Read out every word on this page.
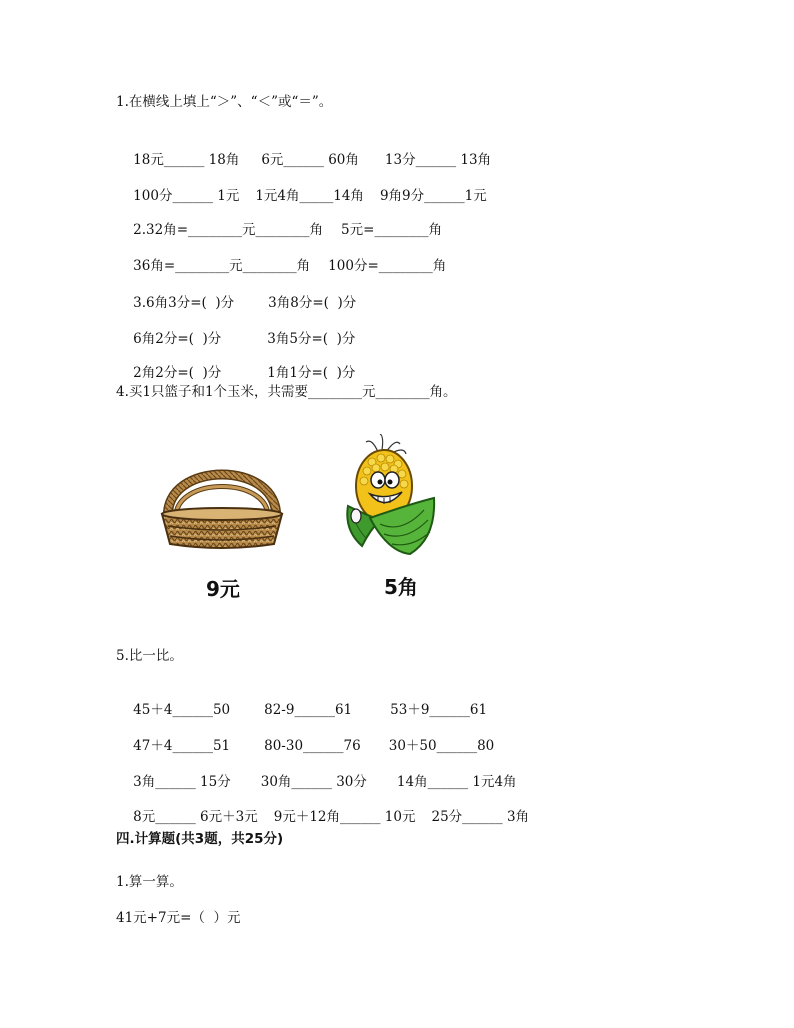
1.在横线上填上“＞”、“＜”或“＝”。

18元______ 18角 6元______ 60角 13分______ 13角

100分______ 1元 1元4角_____14角 9角9分______1元

2.32角=________元________角 5元=________角

36角=________元________角 100分=________角

3.6角3分=(  )分	3角8分=(  )分

6角2分=(  )分	3角5分=(  )分

2角2分=(  )分	1角1分=(  )分

4.买1只篮子和1个玉米，共需要________元________角。
9元	5角
5.比一比。

45＋4______50	82-9______61	53＋9______61

47＋4______51	80-30______76 30＋50______80

3角______ 15分 30角______ 30分 14角______ 1元4角

8元______ 6元＋3元 9元＋12角______ 10元 25分______ 3角

四.计算题(共3题，共25分)
1.算一算。
41元+7元=（  ）元
